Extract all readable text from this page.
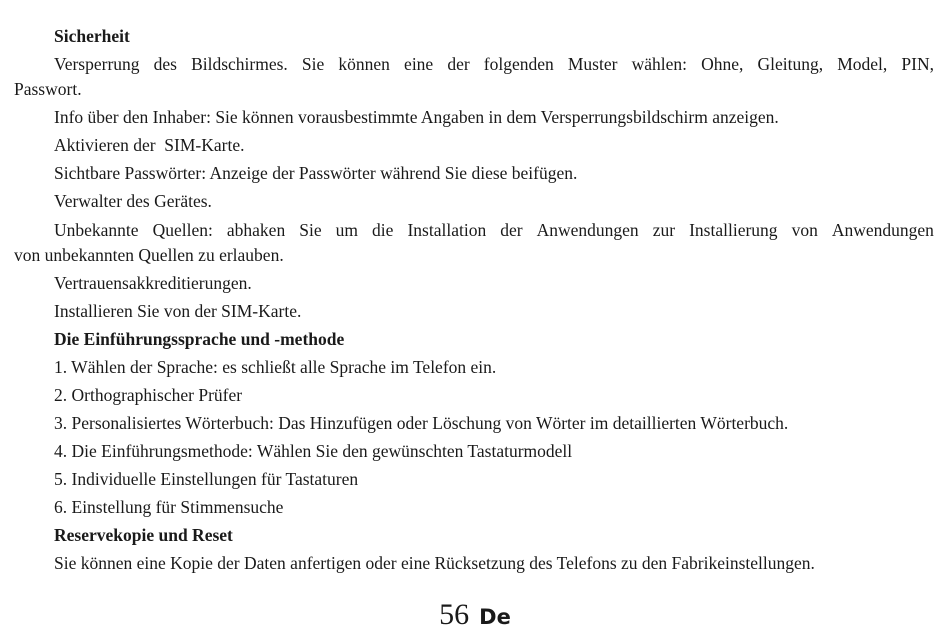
Sicherheit
Versperrung des Bildschirmes. Sie können eine der folgenden Muster wählen: Ohne, Gleitung, Model, PIN,
Passwort.
Info über den Inhaber: Sie können vorausbestimmte Angaben in dem Versperrungsbildschirm anzeigen.
Aktivieren der  SIM-Karte.
Sichtbare Passwörter: Anzeige der Passwörter während Sie diese beifügen.
Verwalter des Gerätes.
Unbekannte Quellen: abhaken Sie um die Installation der Anwendungen zur Installierung von Anwendungen
von unbekannten Quellen zu erlauben.
Vertrauensakkreditierungen.
Installieren Sie von der SIM-Karte.
Die Einführungssprache und -methode
1. Wählen der Sprache: es schließt alle Sprache im Telefon ein.
2. Orthographischer Prüfer
3. Personalisiertes Wörterbuch: Das Hinzufügen oder Löschung von Wörter im detaillierten Wörterbuch.
4. Die Einführungsmethode: Wählen Sie den gewünschten Tastaturmodell
5. Individuelle Einstellungen für Tastaturen
6. Einstellung für Stimmensuche
Reservekopie und Reset
Sie können eine Kopie der Daten anfertigen oder eine Rücksetzung des Telefons zu den Fabrikeinstellungen.
56 De
